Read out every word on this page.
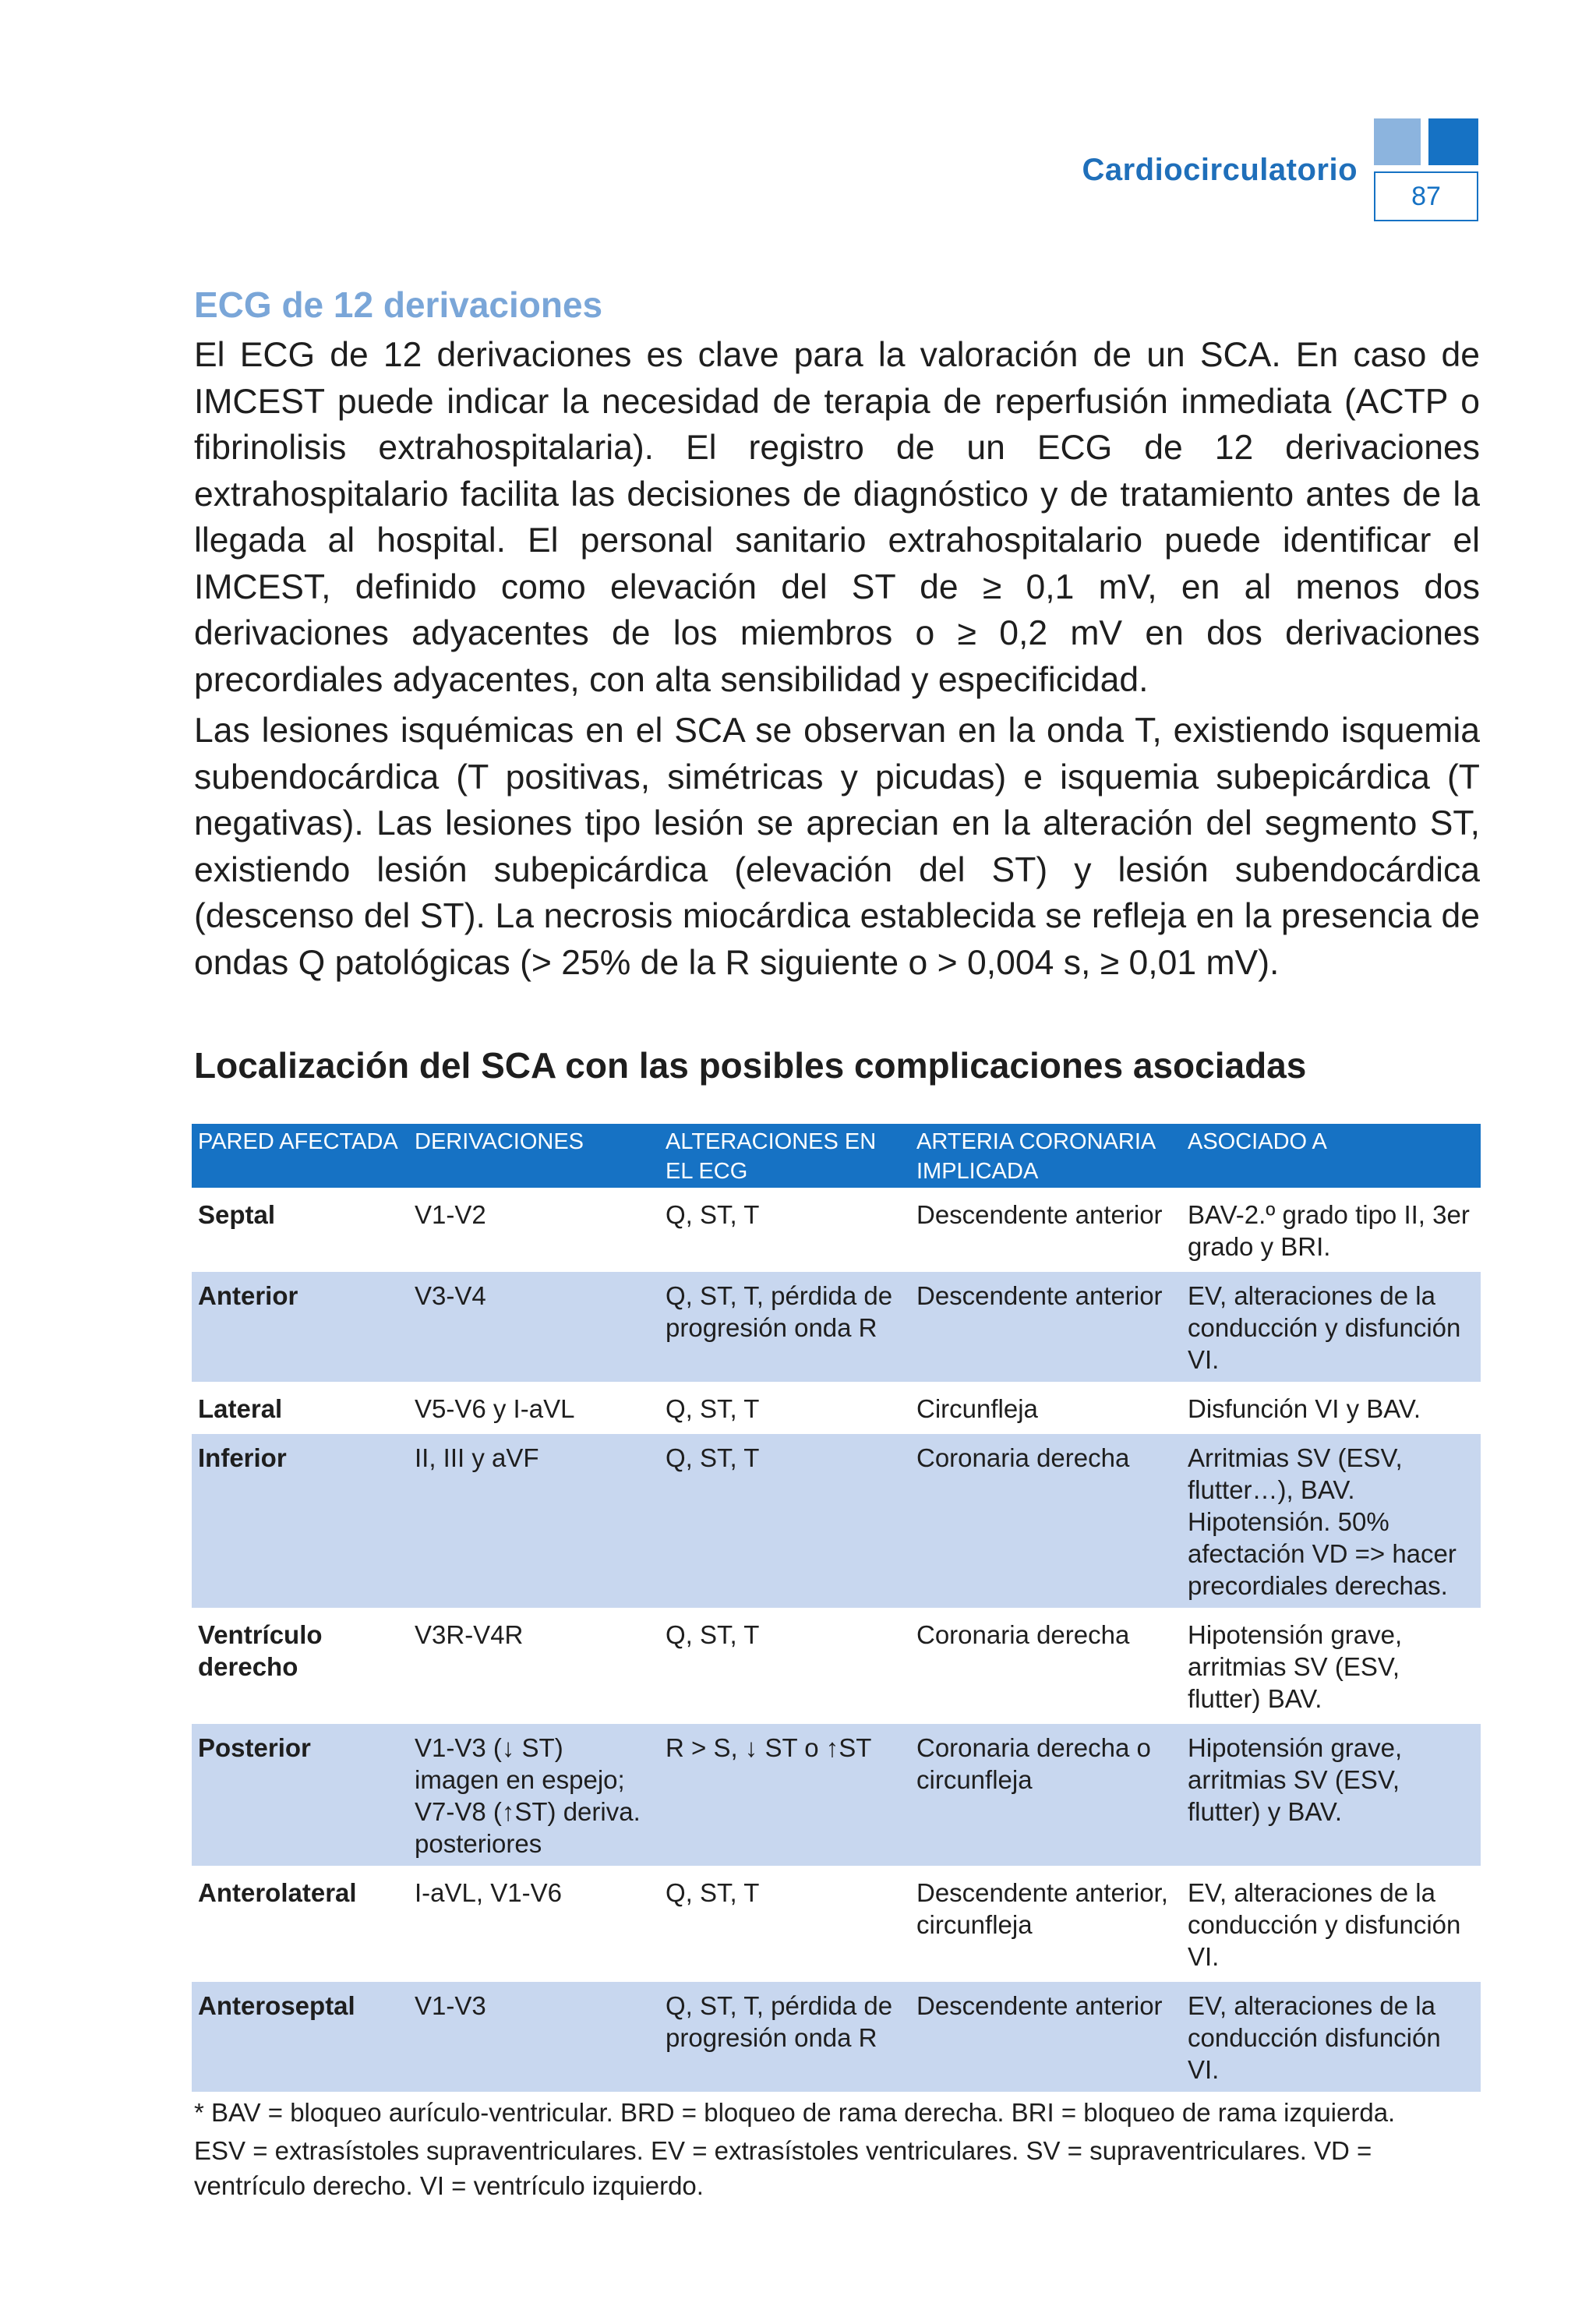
Cardiocirculatorio
87
ECG de 12 derivaciones

El ECG de 12 derivaciones es clave para la valoración de un SCA. En caso de IMCEST puede indicar la necesidad de terapia de reperfusión inmediata (ACTP o fibrinolisis extrahospitalaria). El registro de un ECG de 12 derivaciones extrahospitalario facilita las decisiones de diagnóstico y de tratamiento antes de la llegada al hospital. El personal sanitario extrahospitalario puede identificar el IMCEST, definido como elevación del ST de ≥ 0,1 mV, en al menos dos derivaciones adyacentes de los miembros o ≥ 0,2 mV en dos derivaciones precordiales adyacentes, con alta sensibilidad y especificidad.

Las lesiones isquémicas en el SCA se observan en la onda T, existiendo isquemia subendocárdica (T positivas, simétricas y picudas) e isquemia subepicárdica (T negativas). Las lesiones tipo lesión se aprecian en la alteración del segmento ST, existiendo lesión subepicárdica (elevación del ST) y lesión subendocárdica (descenso del ST). La necrosis miocárdica establecida se refleja en la presencia de ondas Q patológicas (> 25% de la R siguiente o > 0,004 s, ≥ 0,01 mV).

Localización del SCA con las posibles complicaciones asociadas
PARED AFECTADA	DERIVACIONES	ALTERACIONES EN EL ECG	ARTERIA CORONARIA IMPLICADA	ASOCIADO A
Septal	V1-V2	Q, ST, T	Descendente anterior	BAV-2.º grado tipo II, 3er grado y BRI.
Anterior	V3-V4	Q, ST, T, pérdida de progresión onda R	Descendente anterior	EV, alteraciones de la conducción y disfunción VI.
Lateral	V5-V6 y I-aVL	Q, ST, T	Circunfleja	Disfunción VI y BAV.
Inferior	II, III y aVF	Q, ST, T	Coronaria derecha	Arritmias SV (ESV, flutter…), BAV. Hipotensión. 50% afectación VD => hacer precordiales derechas.
Ventrículo derecho	V3R-V4R	Q, ST, T	Coronaria derecha	Hipotensión grave, arritmias SV (ESV, flutter) BAV.
Posterior	V1-V3 (↓ ST) imagen en espejo; V7-V8 (↑ST) deriva. posteriores	R > S, ↓ ST o ↑ST	Coronaria derecha o circunfleja	Hipotensión grave, arritmias SV (ESV, flutter) y BAV.
Anterolateral	I-aVL, V1-V6	Q, ST, T	Descendente anterior, circunfleja	EV, alteraciones de la conducción y disfunción VI.
Anteroseptal	V1-V3	Q, ST, T, pérdida de progresión onda R	Descendente anterior	EV, alteraciones de la conducción disfunción VI.

* BAV = bloqueo aurículo-ventricular. BRD = bloqueo de rama derecha. BRI = bloqueo de rama izquierda.

ESV = extrasístoles supraventriculares. EV = extrasístoles ventriculares. SV = supraventriculares. VD = ventrículo derecho. VI = ventrículo izquierdo.
